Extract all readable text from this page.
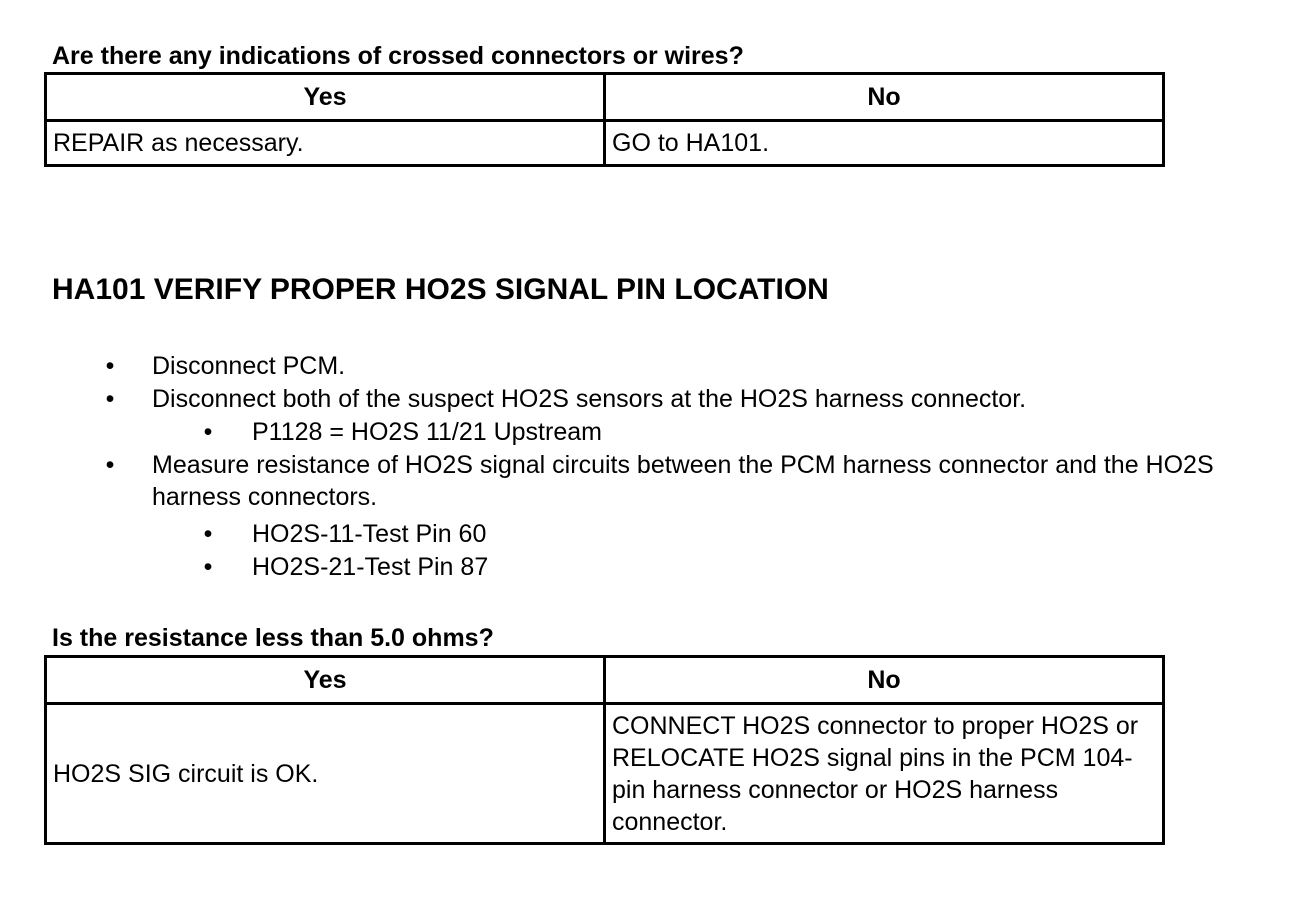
Are there any indications of crossed connectors or wires?
Yes	No
REPAIR as necessary.	GO to HA101.
HA101 VERIFY PROPER HO2S SIGNAL PIN LOCATION
• Disconnect PCM.
• Disconnect both of the suspect HO2S sensors at the HO2S harness connector.
• P1128 = HO2S 11/21 Upstream
• Measure resistance of HO2S signal circuits between the PCM harness connector and the HO2S harness connectors.
• HO2S-11-Test Pin 60
• HO2S-21-Test Pin 87
Is the resistance less than 5.0 ohms?
Yes	No
HO2S SIG circuit is OK.	CONNECT HO2S connector to proper HO2S or RELOCATE HO2S signal pins in the PCM 104-pin harness connector or HO2S harness connector.
